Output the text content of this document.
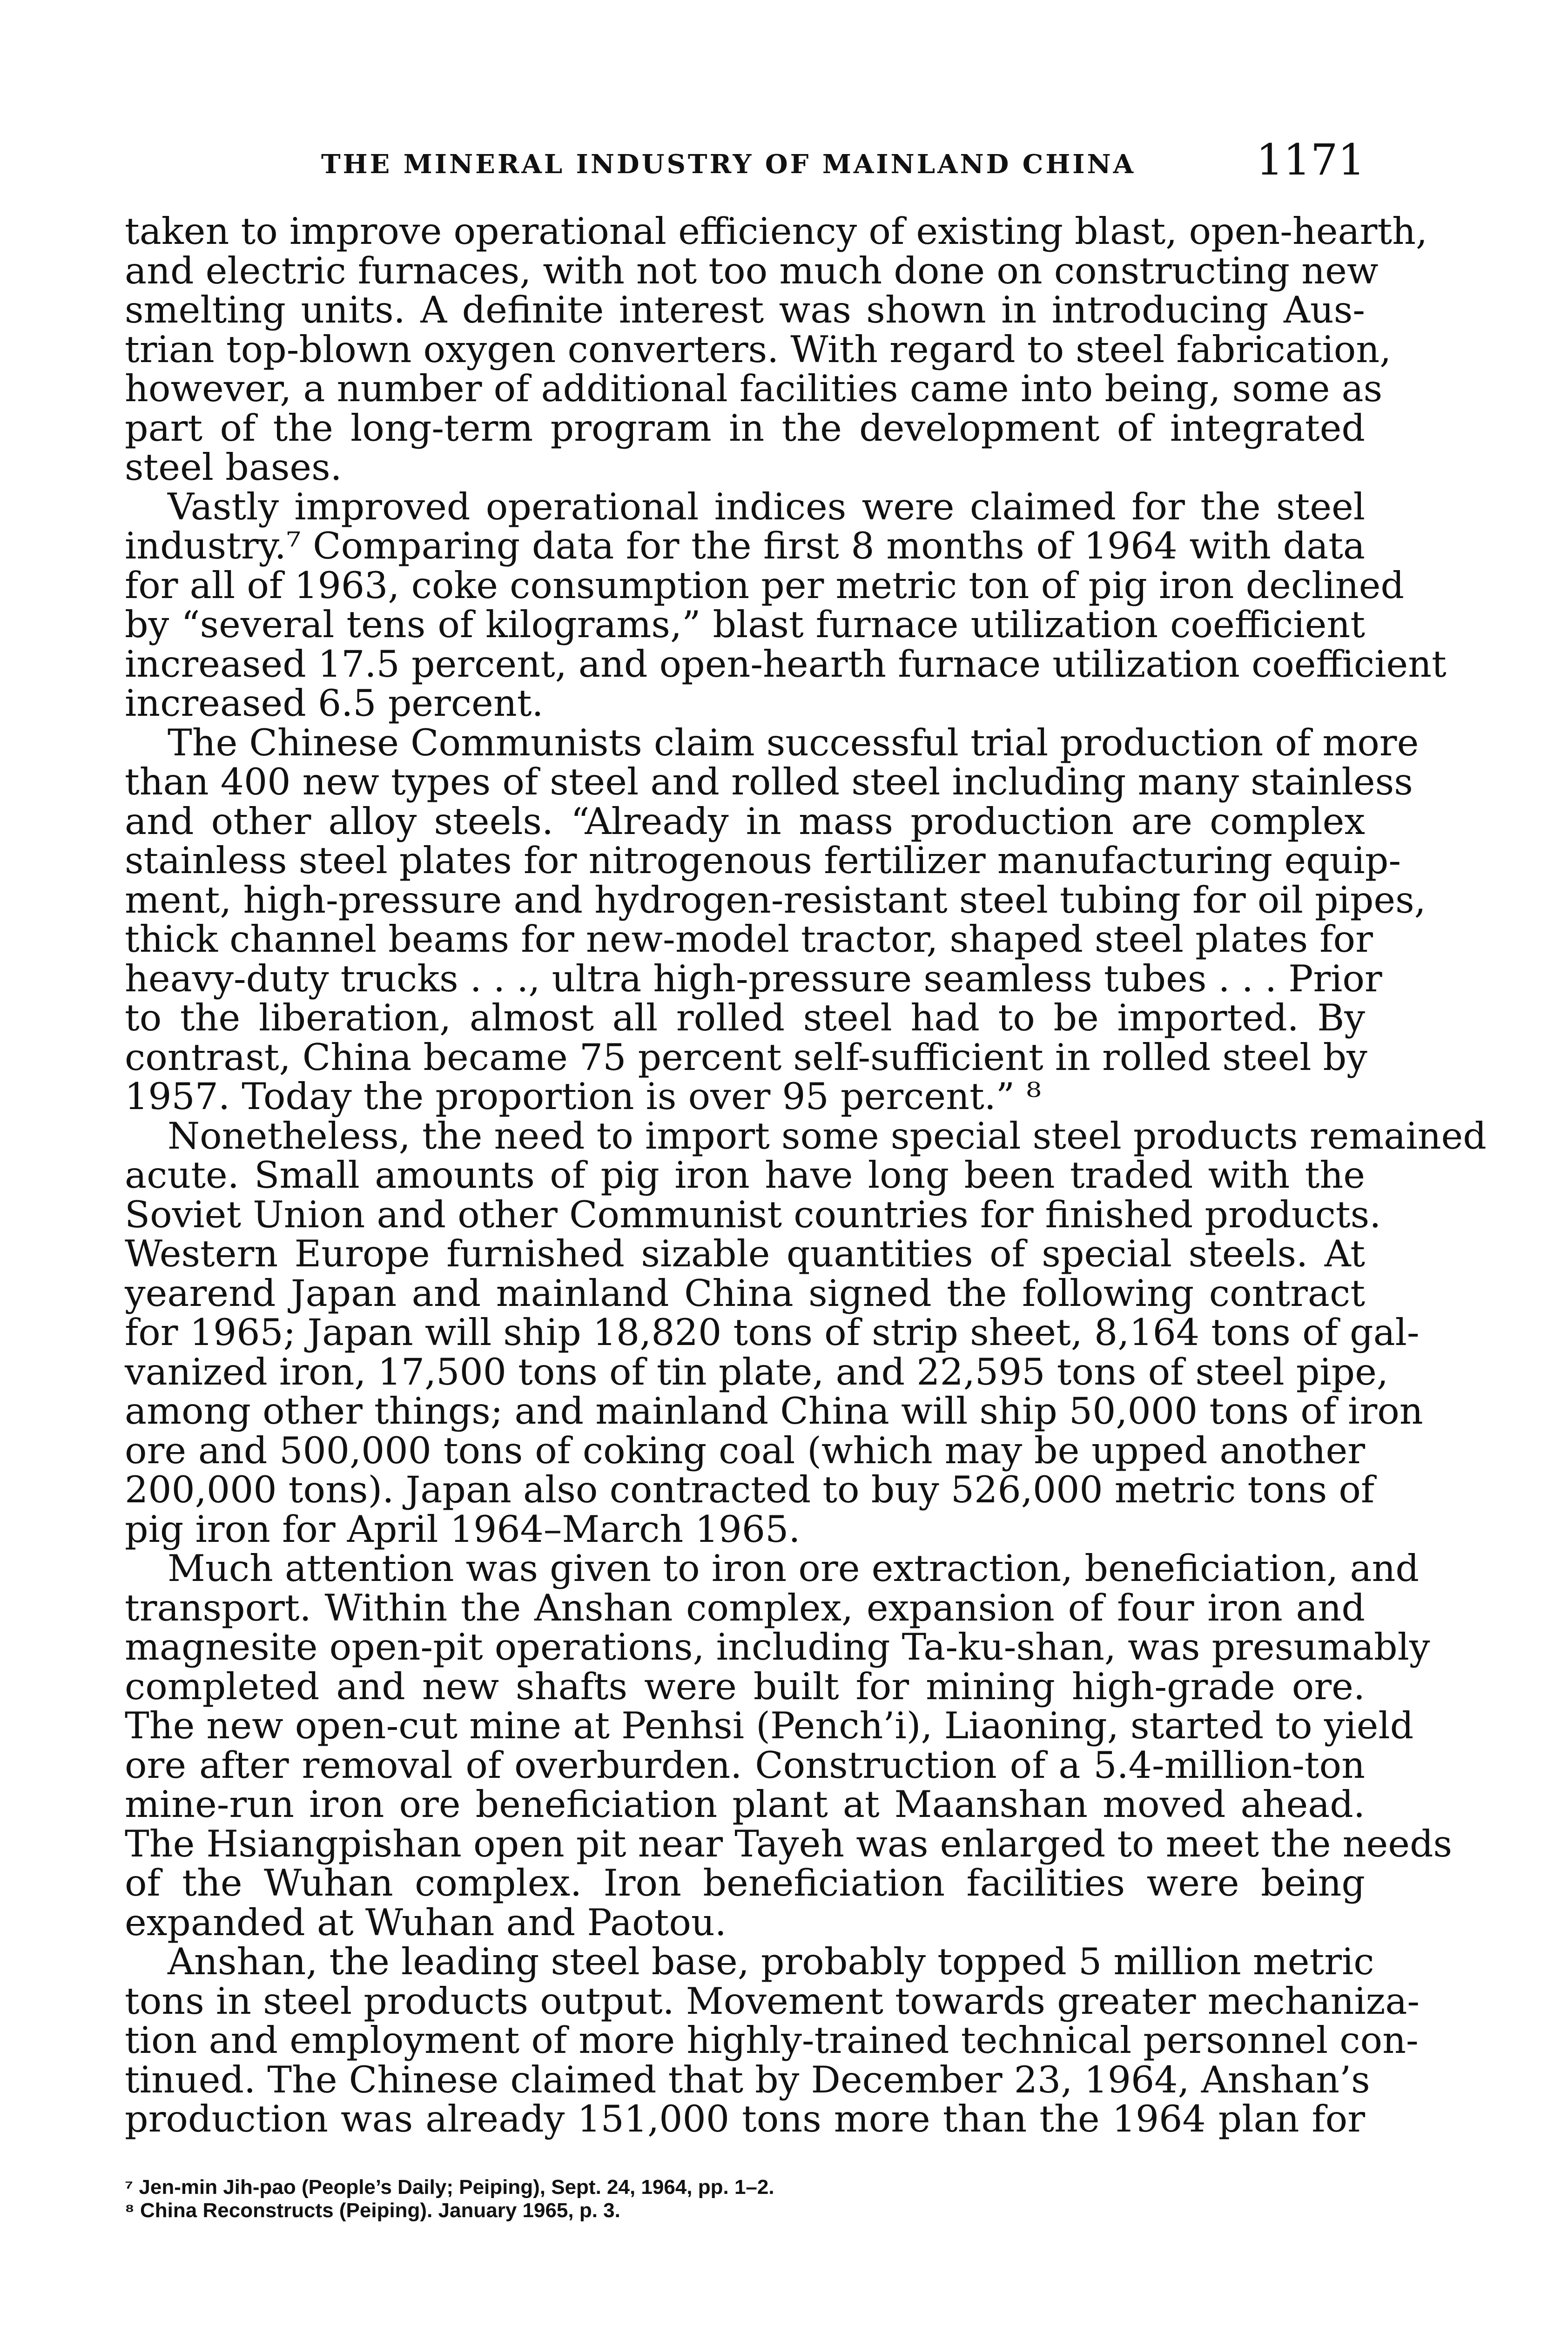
THE MINERAL INDUSTRY OF MAINLAND CHINA	1171
taken to improve operational efficiency of existing blast, open-hearth,
and electric furnaces, with not too much done on constructing new
smelting units. A definite interest was shown in introducing Aus-
trian top-blown oxygen converters. With regard to steel fabrication,
however, a number of additional facilities came into being, some as
part of the long-term program in the development of integrated
steel bases.
Vastly improved operational indices were claimed for the steel
industry.⁷ Comparing data for the first 8 months of 1964 with data
for all of 1963, coke consumption per metric ton of pig iron declined
by “several tens of kilograms,” blast furnace utilization coefficient
increased 17.5 percent, and open-hearth furnace utilization coefficient
increased 6.5 percent.
The Chinese Communists claim successful trial production of more
than 400 new types of steel and rolled steel including many stainless
and other alloy steels. “Already in mass production are complex
stainless steel plates for nitrogenous fertilizer manufacturing equip-
ment, high-pressure and hydrogen-resistant steel tubing for oil pipes,
thick channel beams for new-model tractor, shaped steel plates for
heavy-duty trucks . . ., ultra high-pressure seamless tubes . . . Prior
to the liberation, almost all rolled steel had to be imported. By
contrast, China became 75 percent self-sufficient in rolled steel by
1957. Today the proportion is over 95 percent.” ⁸
Nonetheless, the need to import some special steel products remained
acute. Small amounts of pig iron have long been traded with the
Soviet Union and other Communist countries for finished products.
Western Europe furnished sizable quantities of special steels. At
yearend Japan and mainland China signed the following contract
for 1965; Japan will ship 18,820 tons of strip sheet, 8,164 tons of gal-
vanized iron, 17,500 tons of tin plate, and 22,595 tons of steel pipe,
among other things; and mainland China will ship 50,000 tons of iron
ore and 500,000 tons of coking coal (which may be upped another
200,000 tons). Japan also contracted to buy 526,000 metric tons of
pig iron for April 1964–March 1965.
Much attention was given to iron ore extraction, beneficiation, and
transport. Within the Anshan complex, expansion of four iron and
magnesite open-pit operations, including Ta-ku-shan, was presumably
completed and new shafts were built for mining high-grade ore.
The new open-cut mine at Penhsi (Pench’i), Liaoning, started to yield
ore after removal of overburden. Construction of a 5.4-million-ton
mine-run iron ore beneficiation plant at Maanshan moved ahead.
The Hsiangpishan open pit near Tayeh was enlarged to meet the needs
of the Wuhan complex. Iron beneficiation facilities were being
expanded at Wuhan and Paotou.
Anshan, the leading steel base, probably topped 5 million metric
tons in steel products output. Movement towards greater mechaniza-
tion and employment of more highly-trained technical personnel con-
tinued. The Chinese claimed that by December 23, 1964, Anshan’s
production was already 151,000 tons more than the 1964 plan for
⁷ Jen-min Jih-pao (People’s Daily; Peiping), Sept. 24, 1964, pp. 1–2.
⁸ China Reconstructs (Peiping). January 1965, p. 3.
